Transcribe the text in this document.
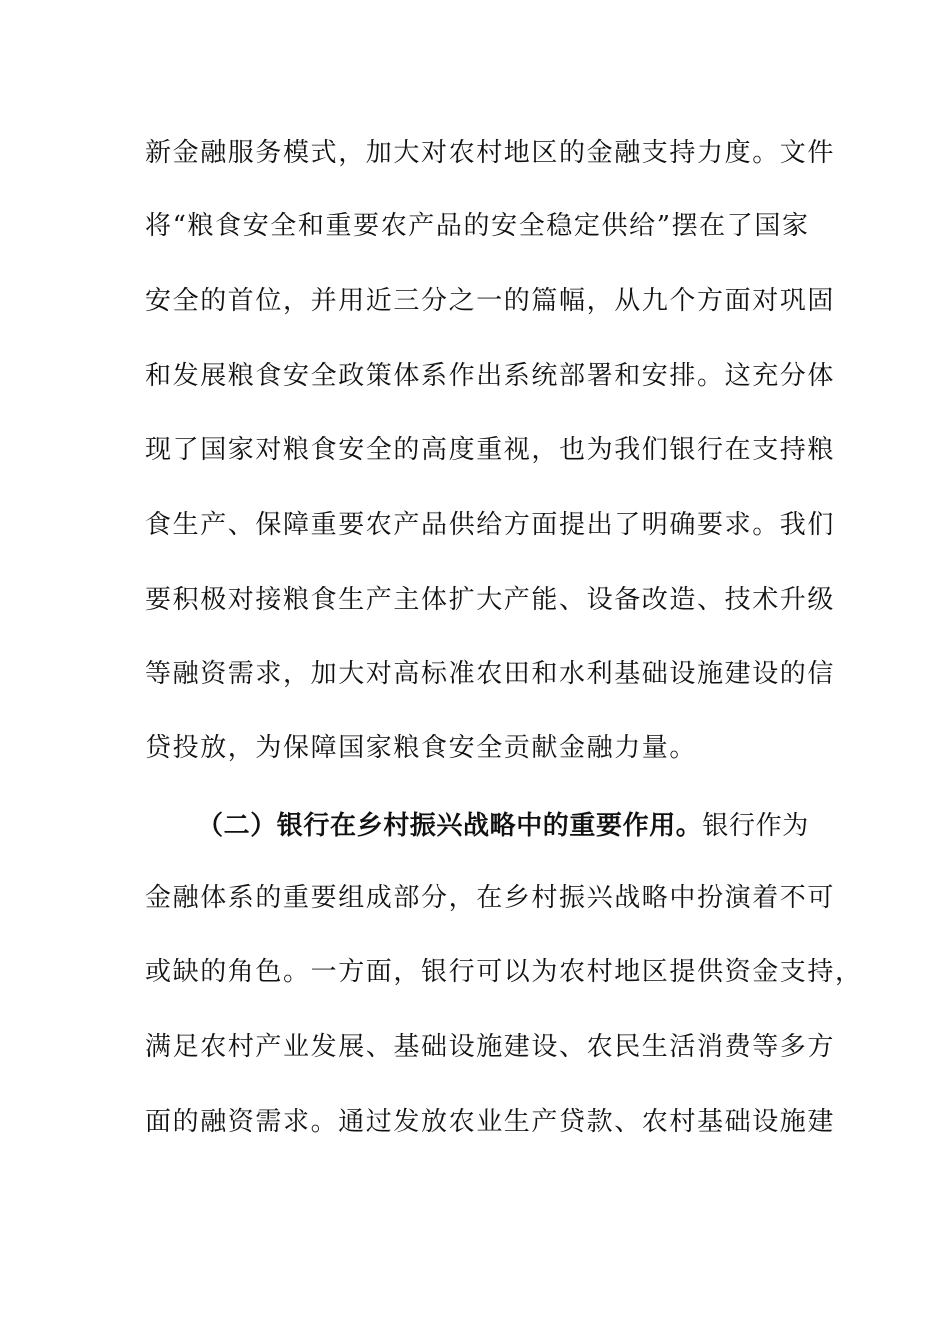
新金融服务模式，加大对农村地区的金融支持力度。文件
将“粮食安全和重要农产品的安全稳定供给”摆在了国家
安全的首位，并用近三分之一的篇幅，从九个方面对巩固
和发展粮食安全政策体系作出系统部署和安排。这充分体
现了国家对粮食安全的高度重视，也为我们银行在支持粮
食生产、保障重要农产品供给方面提出了明确要求。我们
要积极对接粮食生产主体扩大产能、设备改造、技术升级
等融资需求，加大对高标准农田和水利基础设施建设的信
贷投放，为保障国家粮食安全贡献金融力量。
（二）银行在乡村振兴战略中的重要作用。银行作为
金融体系的重要组成部分，在乡村振兴战略中扮演着不可
或缺的角色。一方面，银行可以为农村地区提供资金支持，
满足农村产业发展、基础设施建设、农民生活消费等多方
面的融资需求。通过发放农业生产贷款、农村基础设施建
